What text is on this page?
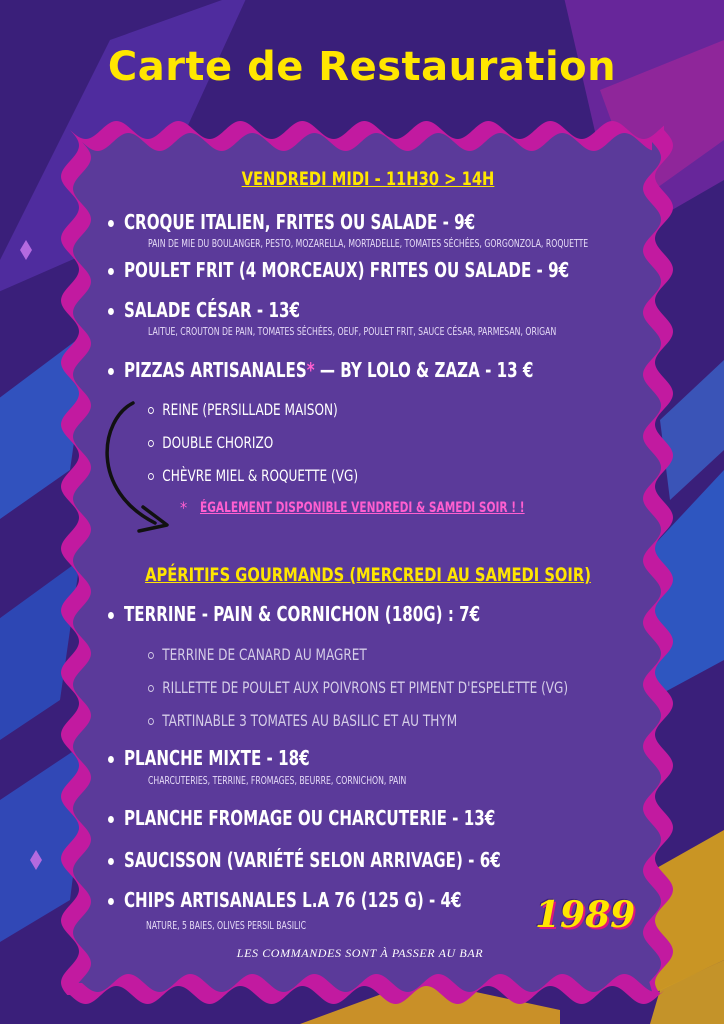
Carte de Restauration
VENDREDI MIDI - 11H30 > 14H
CROQUE ITALIEN, FRITES OU SALADE - 9€
PAIN DE MIE DU BOULANGER, PESTO, MOZARELLA, MORTADELLE, TOMATES SÉCHÉES, GORGONZOLA, ROQUETTE
POULET FRIT (4 MORCEAUX) FRITES OU SALADE - 9€
SALADE CÉSAR - 13€
LAITUE, CROUTON DE PAIN, TOMATES SÉCHÉES, OEUF, POULET FRIT, SAUCE CÉSAR, PARMESAN, ORIGAN
PIZZAS ARTISANALES* — BY LOLO & ZAZA - 13 €
REINE (PERSILLADE MAISON)
DOUBLE CHORIZO
CHÈVRE MIEL & ROQUETTE (VG)
* ÉGALEMENT DISPONIBLE VENDREDI & SAMEDI SOIR ! !
APÉRITIFS GOURMANDS (MERCREDI AU SAMEDI SOIR)
TERRINE - PAIN & CORNICHON (180G) : 7€
TERRINE DE CANARD AU MAGRET
RILLETTE DE POULET AUX POIVRONS ET PIMENT D'ESPELETTE (VG)
TARTINABLE 3 TOMATES AU BASILIC ET AU THYM
PLANCHE MIXTE - 18€
CHARCUTERIES, TERRINE, FROMAGES, BEURRE, CORNICHON, PAIN
PLANCHE FROMAGE OU CHARCUTERIE - 13€
SAUCISSON (VARIÉTÉ SELON ARRIVAGE) - 6€
CHIPS ARTISANALES L.A 76 (125 G) - 4€
NATURE, 5 BAIES, OLIVES PERSIL BASILIC	1989
LES COMMANDES SONT À PASSER AU BAR
